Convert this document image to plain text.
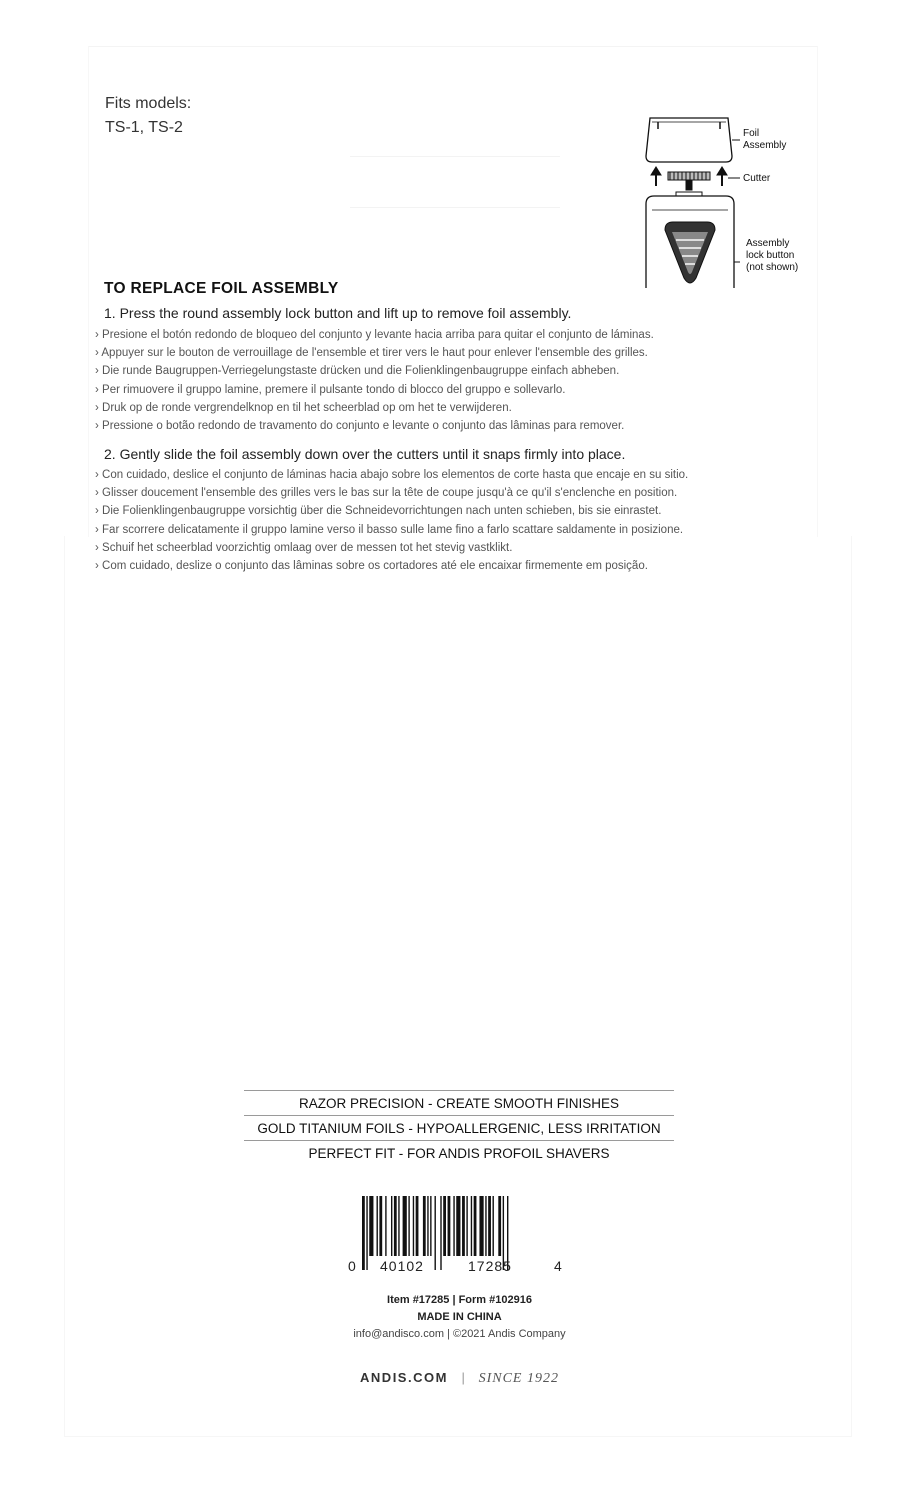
Fits models:
TS-1, TS-2	Foil
Assembly
Cutter
Assembly
lock button
(not shown)
TO REPLACE FOIL ASSEMBLY
1. Press the round assembly lock button and lift up to remove foil assembly.
› Presione el botón redondo de bloqueo del conjunto y levante hacia arriba para quitar el conjunto de láminas.
› Appuyer sur le bouton de verrouillage de l'ensemble et tirer vers le haut pour enlever l'ensemble des grilles.
› Die runde Baugruppen-Verriegelungstaste drücken und die Folienklingenbaugruppe einfach abheben.
› Per rimuovere il gruppo lamine, premere il pulsante tondo di blocco del gruppo e sollevarlo.
› Druk op de ronde vergrendelknop en til het scheerblad op om het te verwijderen.
› Pressione o botão redondo de travamento do conjunto e levante o conjunto das lâminas para remover.
2. Gently slide the foil assembly down over the cutters until it snaps firmly into place.
› Con cuidado, deslice el conjunto de láminas hacia abajo sobre los elementos de corte hasta que encaje en su sitio.
› Glisser doucement l'ensemble des grilles vers le bas sur la tête de coupe jusqu'à ce qu'il s'enclenche en position.
› Die Folienklingenbaugruppe vorsichtig über die Schneidevorrichtungen nach unten schieben, bis sie einrastet.
› Far scorrere delicatamente il gruppo lamine verso il basso sulle lame fino a farlo scattare saldamente in posizione.
› Schuif het scheerblad voorzichtig omlaag over de messen tot het stevig vastklikt.
› Com cuidado, deslize o conjunto das lâminas sobre os cortadores até ele encaixar firmemente em posição.
RAZOR PRECISION - CREATE SMOOTH FINISHES
GOLD TITANIUM FOILS - HYPOALLERGENIC, LESS IRRITATION
PERFECT FIT - FOR ANDIS PROFOIL SHAVERS
0 40102	17285	4
Item #17285 | Form #102916
MADE IN CHINA
info@andisco.com | ©2021 Andis Company
ANDIS.COM | SINCE 1922
